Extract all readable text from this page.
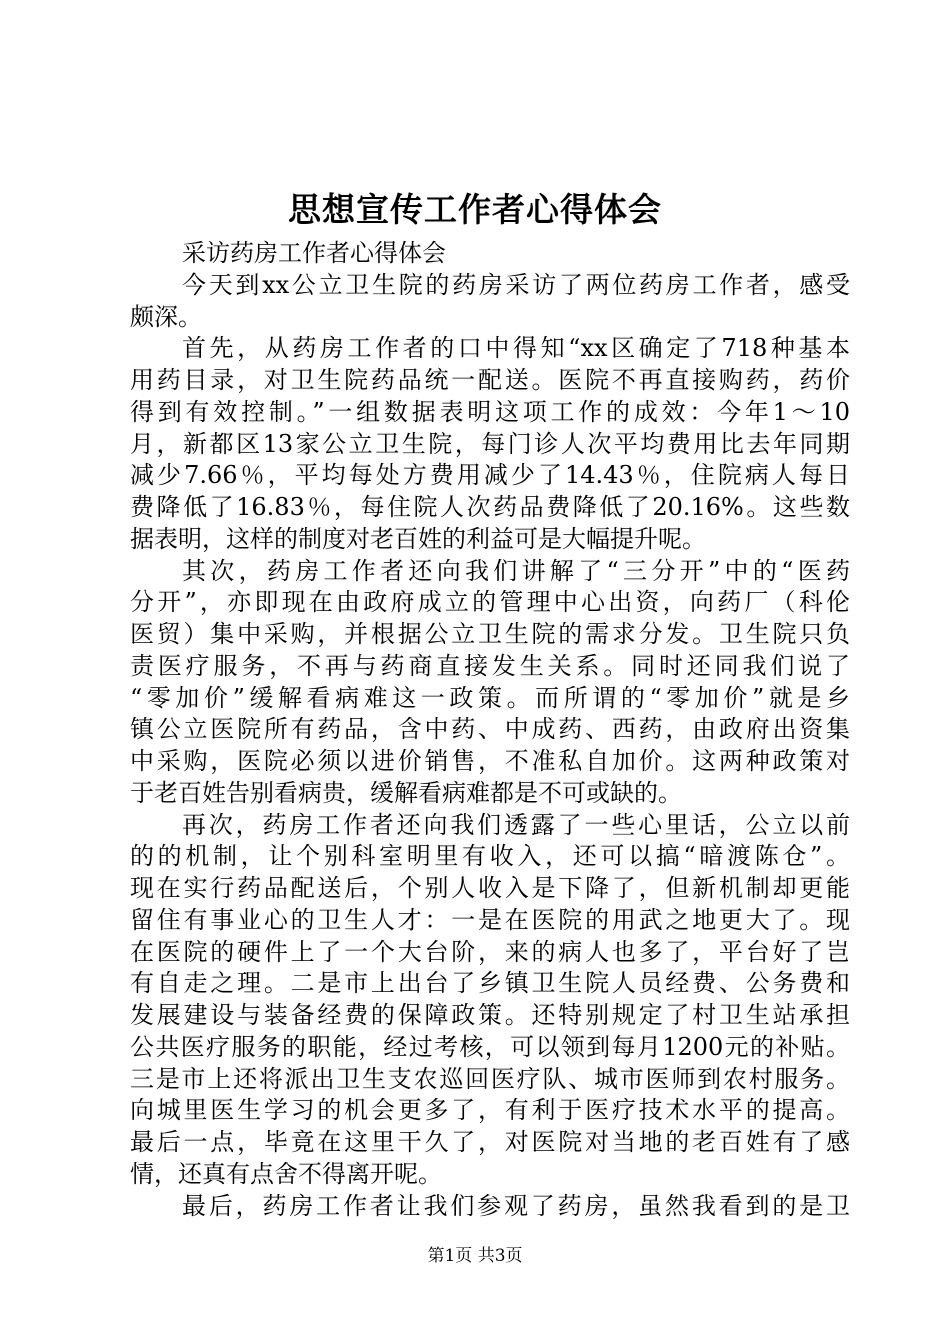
思想宣传工作者心得体会
采访药房工作者心得体会
今天到xx公立卫生院的药房采访了两位药房工作者，感受
颇深。
首先，从药房工作者的口中得知“xx区确定了718种基本
用药目录，对卫生院药品统一配送。医院不再直接购药，药价
得到有效控制。”一组数据表明这项工作的成效：今年1～10
月，新都区13家公立卫生院，每门诊人次平均费用比去年同期
减少7.66％，平均每处方费用减少了14.43％，住院病人每日
费降低了16.83％，每住院人次药品费降低了20.16%。这些数
据表明，这样的制度对老百姓的利益可是大幅提升呢。
其次，药房工作者还向我们讲解了“三分开”中的“医药
分开”，亦即现在由政府成立的管理中心出资，向药厂（科伦
医贸）集中采购，并根据公立卫生院的需求分发。卫生院只负
责医疗服务，不再与药商直接发生关系。同时还同我们说了
“零加价”缓解看病难这一政策。而所谓的“零加价”就是乡
镇公立医院所有药品，含中药、中成药、西药，由政府出资集
中采购，医院必须以进价销售，不准私自加价。这两种政策对
于老百姓告别看病贵，缓解看病难都是不可或缺的。
再次，药房工作者还向我们透露了一些心里话，公立以前
的的机制，让个别科室明里有收入，还可以搞“暗渡陈仓”。
现在实行药品配送后，个别人收入是下降了，但新机制却更能
留住有事业心的卫生人才：一是在医院的用武之地更大了。现
在医院的硬件上了一个大台阶，来的病人也多了，平台好了岂
有自走之理。二是市上出台了乡镇卫生院人员经费、公务费和
发展建设与装备经费的保障政策。还特别规定了村卫生站承担
公共医疗服务的职能，经过考核，可以领到每月1200元的补贴。
三是市上还将派出卫生支农巡回医疗队、城市医师到农村服务。
向城里医生学习的机会更多了，有利于医疗技术水平的提高。
最后一点，毕竟在这里干久了，对医院对当地的老百姓有了感
情，还真有点舍不得离开呢。
最后，药房工作者让我们参观了药房，虽然我看到的是卫
第1页 共3页
